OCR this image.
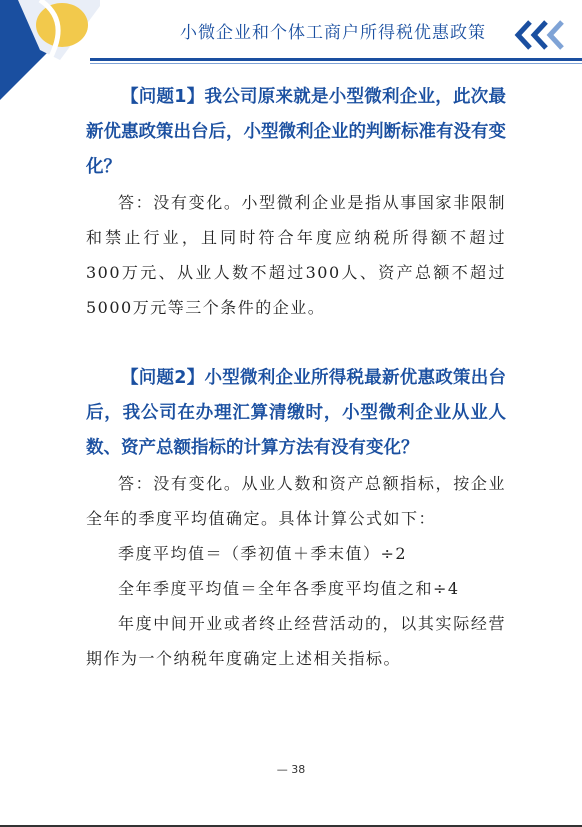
小微企业和个体工商户所得税优惠政策

【问题1】我公司原来就是小型微利企业，此次最新优惠政策出台后，小型微利企业的判断标准有没有变化？

答：没有变化。小型微利企业是指从事国家非限制和禁止行业，且同时符合年度应纳税所得额不超过300万元、从业人数不超过300人、资产总额不超过5000万元等三个条件的企业。

【问题2】小型微利企业所得税最新优惠政策出台后，我公司在办理汇算清缴时，小型微利企业从业人数、资产总额指标的计算方法有没有变化？

答：没有变化。从业人数和资产总额指标，按企业全年的季度平均值确定。具体计算公式如下：

季度平均值＝（季初值＋季末值）÷2

全年季度平均值＝全年各季度平均值之和÷4

年度中间开业或者终止经营活动的，以其实际经营期作为一个纳税年度确定上述相关指标。

— 38
